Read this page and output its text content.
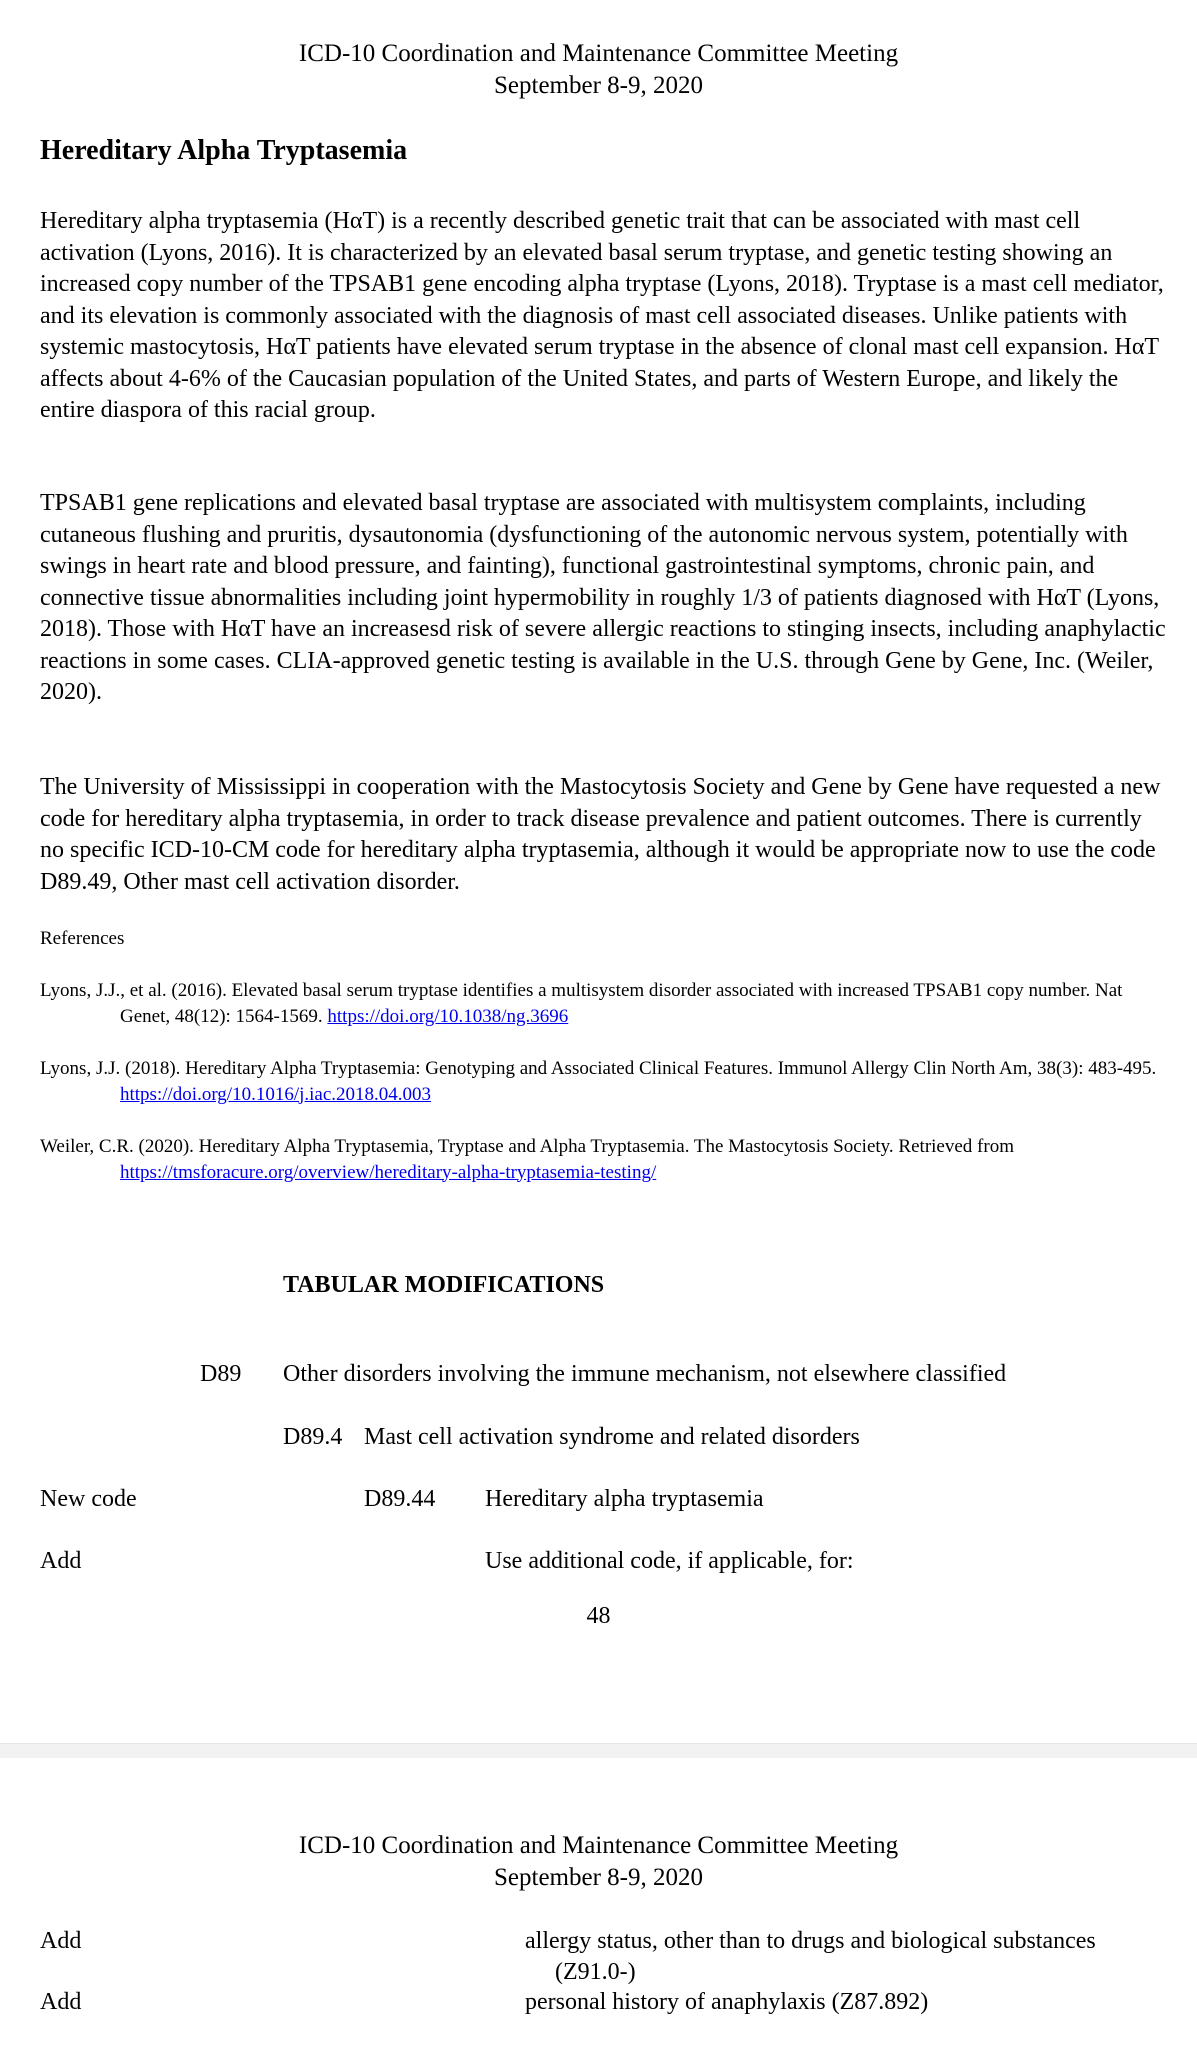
ICD-10 Coordination and Maintenance Committee Meeting
September 8-9, 2020
Hereditary Alpha Tryptasemia
Hereditary alpha tryptasemia (HαT) is a recently described genetic trait that can be associated with mast cell activation (Lyons, 2016). It is characterized by an elevated basal serum tryptase, and genetic testing showing an increased copy number of the TPSAB1 gene encoding alpha tryptase (Lyons, 2018). Tryptase is a mast cell mediator, and its elevation is commonly associated with the diagnosis of mast cell associated diseases. Unlike patients with systemic mastocytosis, HαT patients have elevated serum tryptase in the absence of clonal mast cell expansion. HαT affects about 4-6% of the Caucasian population of the United States, and parts of Western Europe, and likely the entire diaspora of this racial group.
TPSAB1 gene replications and elevated basal tryptase are associated with multisystem complaints, including cutaneous flushing and pruritis, dysautonomia (dysfunctioning of the autonomic nervous system, potentially with swings in heart rate and blood pressure, and fainting), functional gastrointestinal symptoms, chronic pain, and connective tissue abnormalities including joint hypermobility in roughly 1/3 of patients diagnosed with HαT (Lyons, 2018). Those with HαT have an increasesd risk of severe allergic reactions to stinging insects, including anaphylactic reactions in some cases. CLIA-approved genetic testing is available in the U.S. through Gene by Gene, Inc. (Weiler, 2020).
The University of Mississippi in cooperation with the Mastocytosis Society and Gene by Gene have requested a new code for hereditary alpha tryptasemia, in order to track disease prevalence and patient outcomes. There is currently no specific ICD-10-CM code for hereditary alpha tryptasemia, although it would be appropriate now to use the code D89.49, Other mast cell activation disorder.
References
Lyons, J.J., et al. (2016). Elevated basal serum tryptase identifies a multisystem disorder associated with increased TPSAB1 copy number. Nat Genet, 48(12): 1564-1569. https://doi.org/10.1038/ng.3696
Lyons, J.J. (2018). Hereditary Alpha Tryptasemia: Genotyping and Associated Clinical Features. Immunol Allergy Clin North Am, 38(3): 483-495. https://doi.org/10.1016/j.iac.2018.04.003
Weiler, C.R. (2020). Hereditary Alpha Tryptasemia, Tryptase and Alpha Tryptasemia. The Mastocytosis Society. Retrieved from https://tmsforacure.org/overview/hereditary-alpha-tryptasemia-testing/
TABULAR MODIFICATIONS
D89 Other disorders involving the immune mechanism, not elsewhere classified
D89.4 Mast cell activation syndrome and related disorders
New code	D89.44 Hereditary alpha tryptasemia
Add	Use additional code, if applicable, for:
48
ICD-10 Coordination and Maintenance Committee Meeting
September 8-9, 2020
Add	allergy status, other than to drugs and biological substances (Z91.0-)
Add	personal history of anaphylaxis (Z87.892)
